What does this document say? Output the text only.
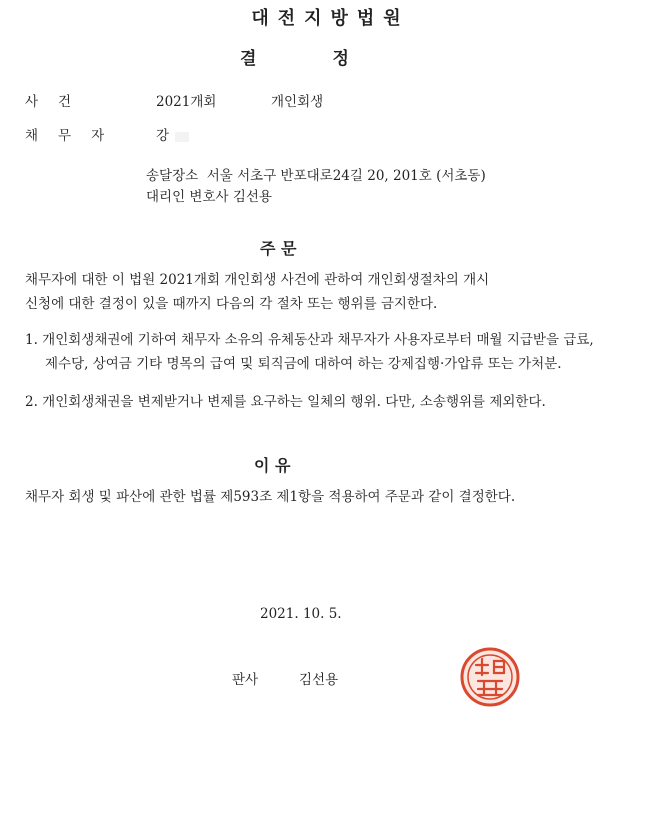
대전지방법원
결	정
사건	2021개회	개인회생
채무자 강
송달장소 서울 서초구 반포대로24길 20, 201호 (서초동)
대리인 변호사 김선용
주 문
채무자에 대한 이 법원 2021개회 개인회생 사건에 관하여 개인회생절차의 개시
신청에 대한 결정이 있을 때까지 다음의 각 절차 또는 행위를 금지한다.
1. 개인회생채권에 기하여 채무자 소유의 유체동산과 채무자가 사용자로부터 매월 지급받을 급료, 제수당, 상여금 기타 명목의 급여 및 퇴직금에 대하여 하는 강제집행·가압류 또는 가처분.
2. 개인회생채권을 변제받거나 변제를 요구하는 일체의 행위. 다만, 소송행위를 제외한다.
이 유
채무자 회생 및 파산에 관한 법률 제593조 제1항을 적용하여 주문과 같이 결정한다.
2021. 10. 5.
판사	김선용
